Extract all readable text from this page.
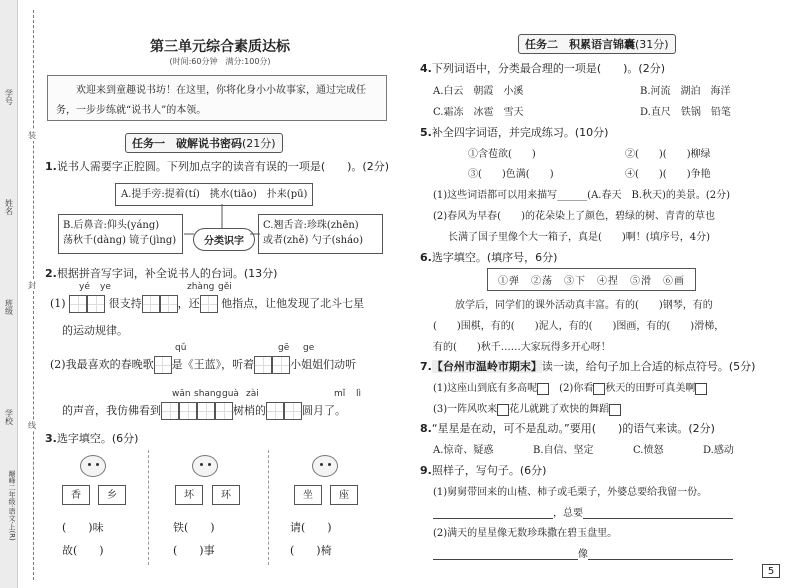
学号
姓名
班级
学校
巅峰二年级·语文·上(R)
装
封
线
第三单元综合素质达标
(时间:60分钟　满分:100分)
欢迎来到童趣说书坊！在这里，你将化身小小故事家，通过完成任务，一步步练就“说书人”的本领。
任务一　 破解说书密码(21分)
1.说书人需要字正腔圆。下列加点字的读音有误的一项是(　　)。(2分)
A.提手旁:提着(tí)　挑水(tiāo)　扑来(pū)
B.后鼻音:仰头(yáng)
荡秋千(dàng) 镜子(jìng)	分类识字
C.翘舌音:珍珠(zhēn)
或者(zhě) 勺子(sháo)
2.根据拼音写字词，补全说书人的台词。(13分)
yé ye	zhàng gěi
(1)	很支持	，还 他指点，让他发现了北斗七星
的运动规律。
qǔ	gē ge
(2)我最喜欢的春晚歌 是《王蓝》，听着	小姐姐们动听
wān shang guà zài	mǐ lì
的声音，我仿佛看到	树梢的	圆月了。
3.选字填空。(6分)
香	乡
(　　)味
故(　　)
坏	环
铁(　　)
(　　)事
坐	座
请(　　)
(　　)椅
任务二　 积累语言锦囊(31分)
4.下列词语中，分类最合理的一项是(　　)。(2分)
A.白云　朝霞　小溪	B.河流　湖泊　海洋
C.霜冻　冰雹　雪天	D.直尺　铁锅　铅笔
5.补全四字词语，并完成练习。(10分)
①含苞欲(　　)	②(　　)(　　)柳绿
③(　　)色满(　　)	④(　　)(　　)争艳
(1)这些词语都可以用来描写______(A.春天　B.秋天)的美景。(2分)
(2)春风为早春(　　)的花朵染上了颜色，碧绿的树、青青的草也
长满了国子里像个大一箱子，真是(　　)啊！(填序号，4分)
6.选字填空。(填序号，6分)
①弹　②荡　③下　④捏　⑤滑　⑥画
放学后，同学们的课外活动真丰富。有的(　　)钢琴，有的
(　　)围棋，有的(　　)泥人，有的(　　)图画，有的(　　)滑梯，
有的(　　)秋千……大家玩得多开心呀！
7.【台州市温岭市期末】读一读，给句子加上合适的标点符号。(5分)
(1)这座山到底有多高呢　 (2)你看 秋天的田野可真美啊
(3)一阵风吹来 花儿就跳了欢快的舞蹈
8.“星星是在动，可不是乱动。”要用(　　)的语气来读。(2分)
A.惊奇、疑惑	B.自信、坚定	C.愤怒	D.感动
9.照样子，写句子。(6分)
(1)舅舅带回来的山楂、柿子或毛栗子，外婆总要给我留一份。
，总要
(2)满天的星星像无数珍珠撒在碧玉盘里。
像
5
